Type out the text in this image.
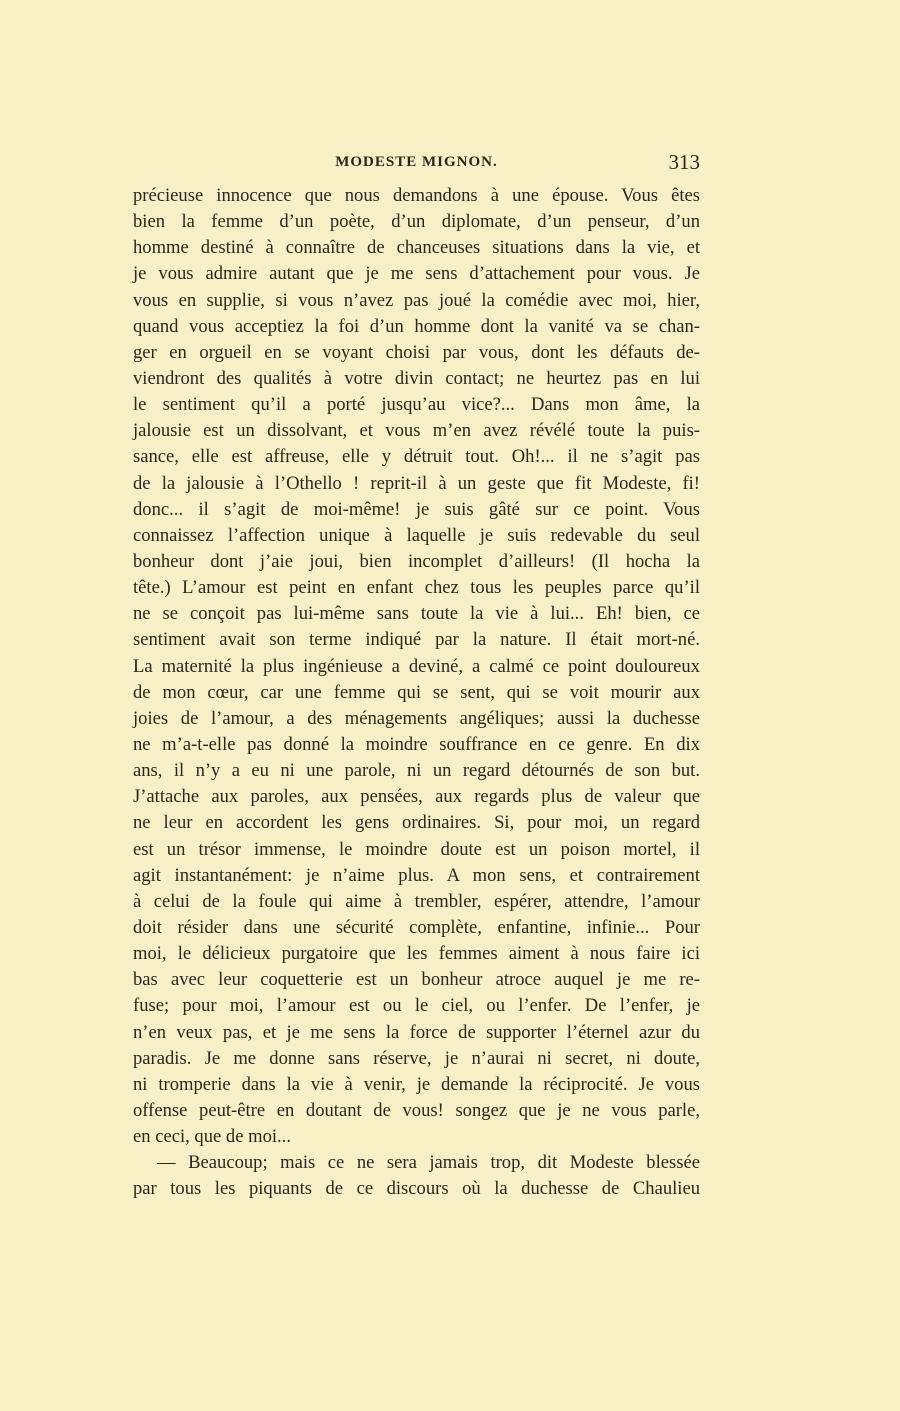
MODESTE MIGNON.	313
précieuse innocence que nous demandons à une épouse. Vous êtes
bien la femme d’un poète, d’un diplomate, d’un penseur, d’un
homme destiné à connaître de chanceuses situations dans la vie, et
je vous admire autant que je me sens d’attachement pour vous. Je
vous en supplie, si vous n’avez pas joué la comédie avec moi, hier,
quand vous acceptiez la foi d’un homme dont la vanité va se chan-
ger en orgueil en se voyant choisi par vous, dont les défauts de-
viendront des qualités à votre divin contact; ne heurtez pas en lui
le sentiment qu’il a porté jusqu’au vice?... Dans mon âme, la
jalousie est un dissolvant, et vous m’en avez révélé toute la puis-
sance, elle est affreuse, elle y détruit tout. Oh!... il ne s’agit pas
de la jalousie à l’Othello ! reprit-il à un geste que fit Modeste, fi!
donc... il s’agit de moi-même! je suis gâté sur ce point. Vous
connaissez l’affection unique à laquelle je suis redevable du seul
bonheur dont j’aie joui, bien incomplet d’ailleurs! (Il hocha la
tête.) L’amour est peint en enfant chez tous les peuples parce qu’il
ne se conçoit pas lui-même sans toute la vie à lui... Eh! bien, ce
sentiment avait son terme indiqué par la nature. Il était mort-né.
La maternité la plus ingénieuse a deviné, a calmé ce point douloureux
de mon cœur, car une femme qui se sent, qui se voit mourir aux
joies de l’amour, a des ménagements angéliques; aussi la duchesse
ne m’a-t-elle pas donné la moindre souffrance en ce genre. En dix
ans, il n’y a eu ni une parole, ni un regard détournés de son but.
J’attache aux paroles, aux pensées, aux regards plus de valeur que
ne leur en accordent les gens ordinaires. Si, pour moi, un regard
est un trésor immense, le moindre doute est un poison mortel, il
agit instantanément: je n’aime plus. A mon sens, et contrairement
à celui de la foule qui aime à trembler, espérer, attendre, l’amour
doit résider dans une sécurité complète, enfantine, infinie... Pour
moi, le délicieux purgatoire que les femmes aiment à nous faire ici
bas avec leur coquetterie est un bonheur atroce auquel je me re-
fuse; pour moi, l’amour est ou le ciel, ou l’enfer. De l’enfer, je
n’en veux pas, et je me sens la force de supporter l’éternel azur du
paradis. Je me donne sans réserve, je n’aurai ni secret, ni doute,
ni tromperie dans la vie à venir, je demande la réciprocité. Je vous
offense peut-être en doutant de vous! songez que je ne vous parle,
en ceci, que de moi...
— Beaucoup; mais ce ne sera jamais trop, dit Modeste blessée
par tous les piquants de ce discours où la duchesse de Chaulieu
